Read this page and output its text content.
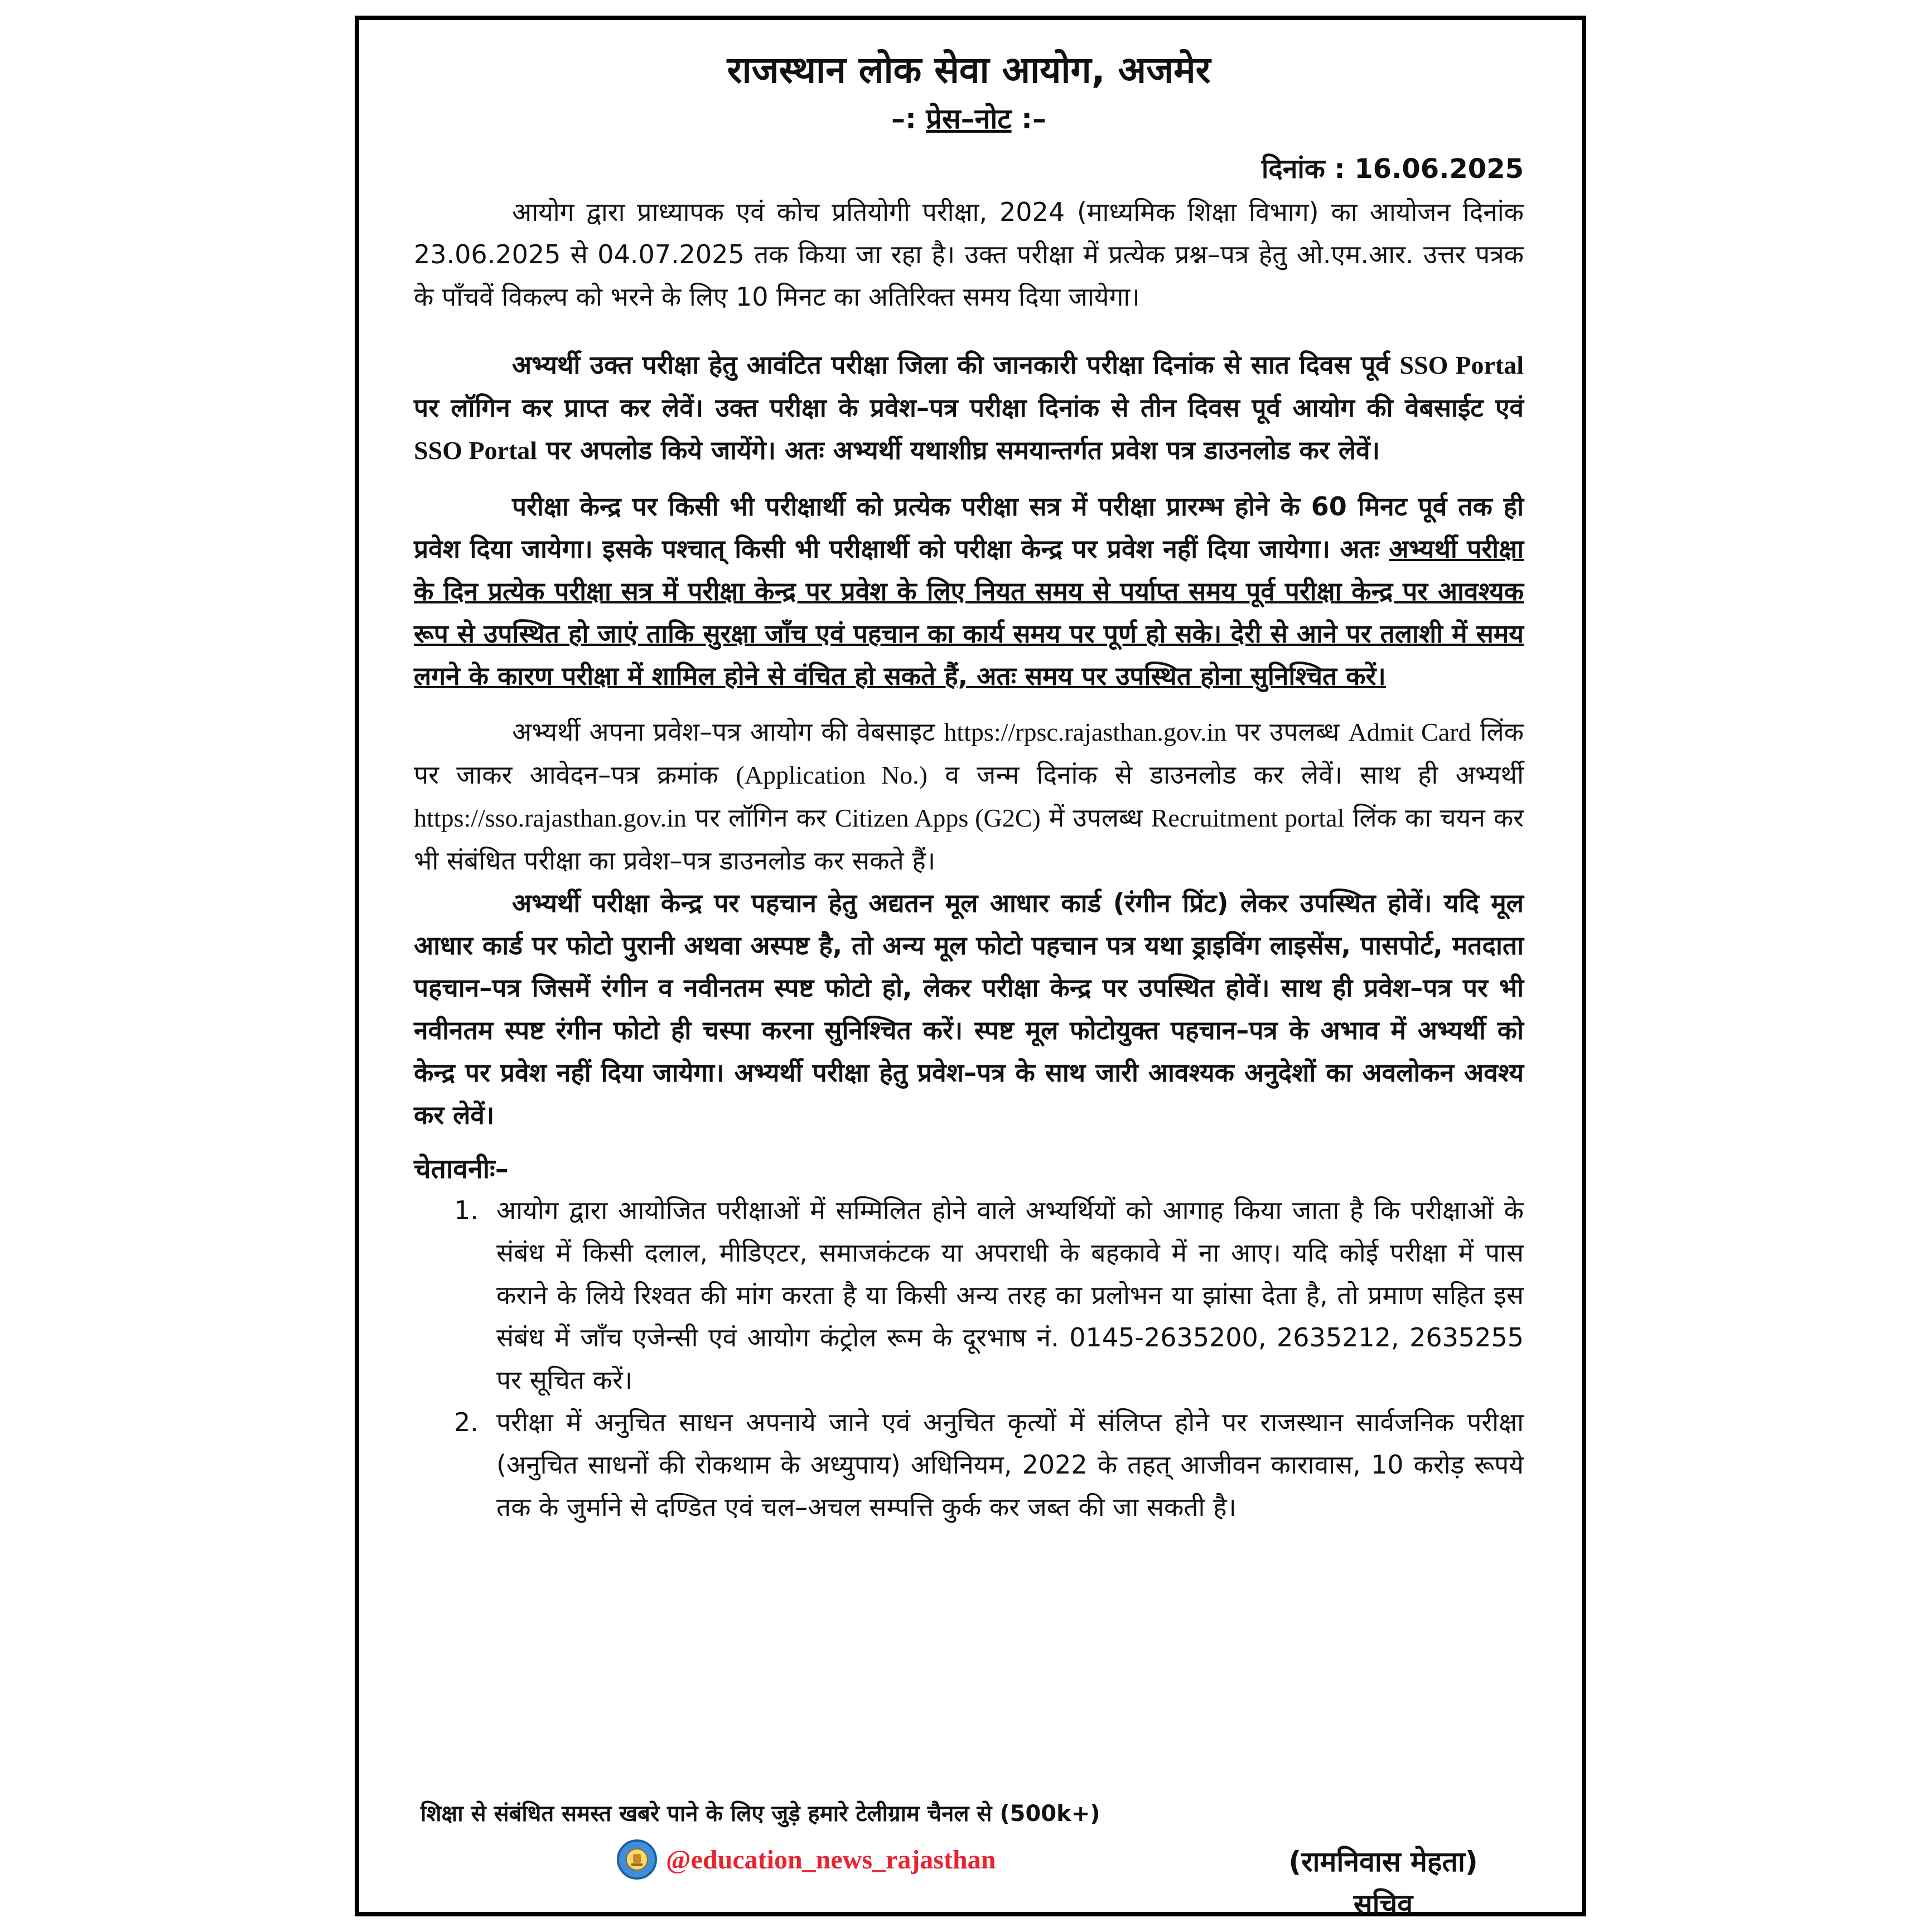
राजस्थान लोक सेवा आयोग, अजमेर
–: प्रेस–नोट :–
दिनांक : 16.06.2025

आयोग द्वारा प्राध्यापक एवं कोच प्रतियोगी परीक्षा, 2024 (माध्यमिक शिक्षा विभाग) का आयोजन दिनांक 23.06.2025 से 04.07.2025 तक किया जा रहा है। उक्त परीक्षा में प्रत्येक प्रश्न–पत्र हेतु ओ.एम.आर. उत्तर पत्रक के पाँचवें विकल्प को भरने के लिए 10 मिनट का अतिरिक्त समय दिया जायेगा।

अभ्यर्थी उक्त परीक्षा हेतु आवंटित परीक्षा जिला की जानकारी परीक्षा दिनांक से सात दिवस पूर्व SSO Portal पर लॉगिन कर प्राप्त कर लेवें। उक्त परीक्षा के प्रवेश–पत्र परीक्षा दिनांक से तीन दिवस पूर्व आयोग की वेबसाईट एवं SSO Portal पर अपलोड किये जायेंगे। अतः अभ्यर्थी यथाशीघ्र समयान्तर्गत प्रवेश पत्र डाउनलोड कर लेवें।

परीक्षा केन्द्र पर किसी भी परीक्षार्थी को प्रत्येक परीक्षा सत्र में परीक्षा प्रारम्भ होने के 60 मिनट पूर्व तक ही प्रवेश दिया जायेगा। इसके पश्चात् किसी भी परीक्षार्थी को परीक्षा केन्द्र पर प्रवेश नहीं दिया जायेगा। अतः अभ्यर्थी परीक्षा के दिन प्रत्येक परीक्षा सत्र में परीक्षा केन्द्र पर प्रवेश के लिए नियत समय से पर्याप्त समय पूर्व परीक्षा केन्द्र पर आवश्यक रूप से उपस्थित हो जाएं ताकि सुरक्षा जाँच एवं पहचान का कार्य समय पर पूर्ण हो सके। देरी से आने पर तलाशी में समय लगने के कारण परीक्षा में शामिल होने से वंचित हो सकते हैं, अतः समय पर उपस्थित होना सुनिश्चित करें।

अभ्यर्थी अपना प्रवेश–पत्र आयोग की वेबसाइट https://rpsc.rajasthan.gov.in पर उपलब्ध Admit Card लिंक पर जाकर आवेदन–पत्र क्रमांक (Application No.) व जन्म दिनांक से डाउनलोड कर लेवें। साथ ही अभ्यर्थी https://sso.rajasthan.gov.in पर लॉगिन कर Citizen Apps (G2C) में उपलब्ध Recruitment portal लिंक का चयन कर भी संबंधित परीक्षा का प्रवेश–पत्र डाउनलोड कर सकते हैं।

अभ्यर्थी परीक्षा केन्द्र पर पहचान हेतु अद्यतन मूल आधार कार्ड (रंगीन प्रिंट) लेकर उपस्थित होवें। यदि मूल आधार कार्ड पर फोटो पुरानी अथवा अस्पष्ट है, तो अन्य मूल फोटो पहचान पत्र यथा ड्राइविंग लाइसेंस, पासपोर्ट, मतदाता पहचान–पत्र जिसमें रंगीन व नवीनतम स्पष्ट फोटो हो, लेकर परीक्षा केन्द्र पर उपस्थित होवें। साथ ही प्रवेश–पत्र पर भी नवीनतम स्पष्ट रंगीन फोटो ही चस्पा करना सुनिश्चित करें। स्पष्ट मूल फोटोयुक्त पहचान–पत्र के अभाव में अभ्यर्थी को केन्द्र पर प्रवेश नहीं दिया जायेगा। अभ्यर्थी परीक्षा हेतु प्रवेश–पत्र के साथ जारी आवश्यक अनुदेशों का अवलोकन अवश्य कर लेवें।

चेतावनीः–
1. आयोग द्वारा आयोजित परीक्षाओं में सम्मिलित होने वाले अभ्यर्थियों को आगाह किया जाता है कि परीक्षाओं के संबंध में किसी दलाल, मीडिएटर, समाजकंटक या अपराधी के बहकावे में ना आए। यदि कोई परीक्षा में पास कराने के लिये रिश्वत की मांग करता है या किसी अन्य तरह का प्रलोभन या झांसा देता है, तो प्रमाण सहित इस संबंध में जाँच एजेन्सी एवं आयोग कंट्रोल रूम के दूरभाष नं. 0145-2635200, 2635212, 2635255 पर सूचित करें।
2. परीक्षा में अनुचित साधन अपनाये जाने एवं अनुचित कृत्यों में संलिप्त होने पर राजस्थान सार्वजनिक परीक्षा (अनुचित साधनों की रोकथाम के अध्युपाय) अधिनियम, 2022 के तहत् आजीवन कारावास, 10 करोड़ रूपये तक के जुर्माने से दण्डित एवं चल–अचल सम्पत्ति कुर्क कर जब्त की जा सकती है।
शिक्षा से संबंधित समस्त खबरे पाने के लिए जुड़े हमारे टेलीग्राम चैनल से (500k+)
@education_news_rajasthan	(रामनिवास मेहता)
सचिव
